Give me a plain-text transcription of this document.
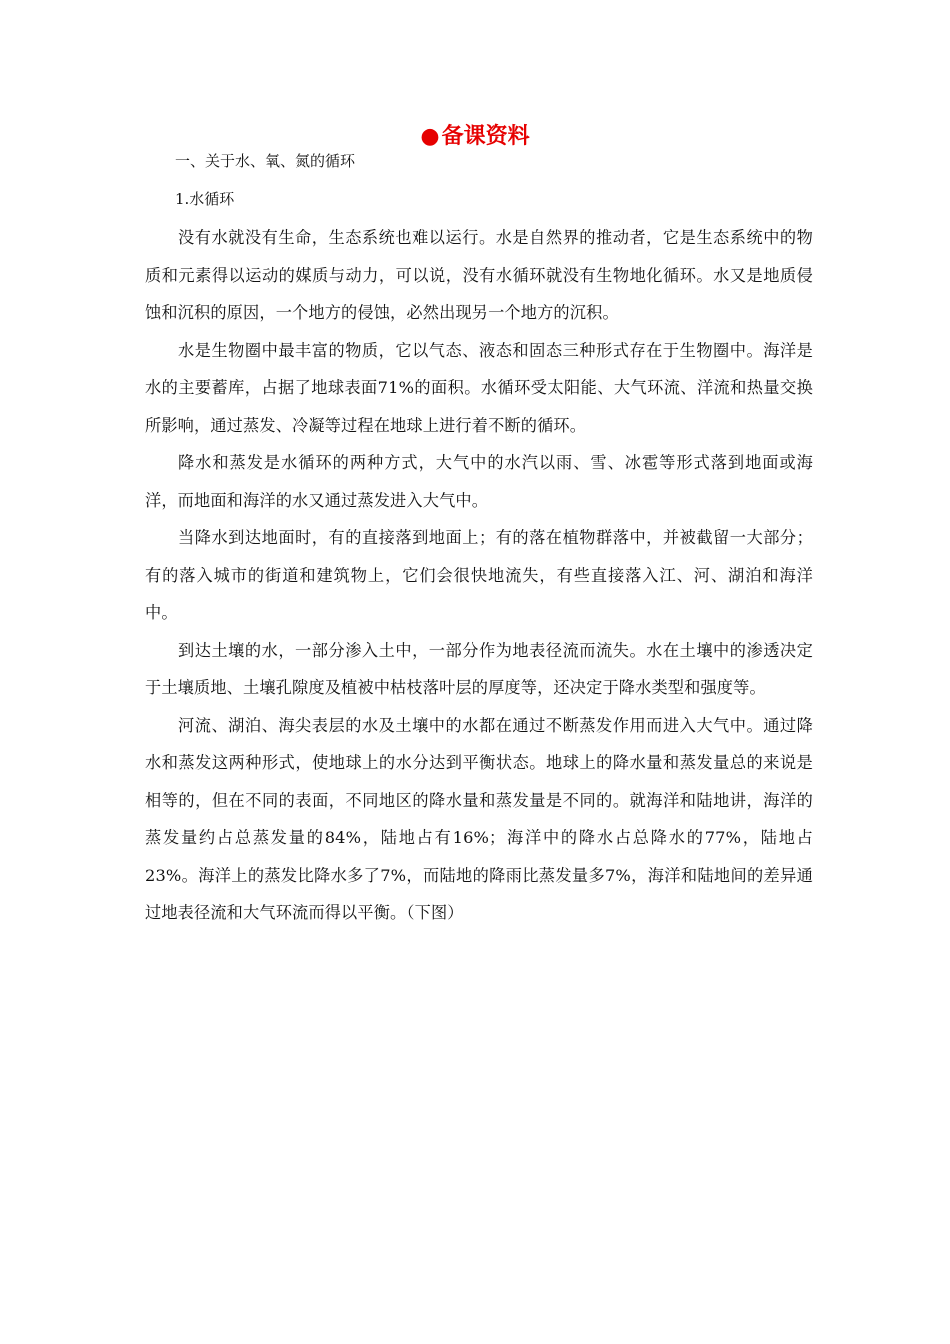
●备课资料

一、关于水、氧、氮的循环

1.水循环

没有水就没有生命，生态系统也难以运行。水是自然界的推动者，它是生态系统中的物质和元素得以运动的媒质与动力，可以说，没有水循环就没有生物地化循环。水又是地质侵蚀和沉积的原因，一个地方的侵蚀，必然出现另一个地方的沉积。

水是生物圈中最丰富的物质，它以气态、液态和固态三种形式存在于生物圈中。海洋是水的主要蓄库，占据了地球表面71%的面积。水循环受太阳能、大气环流、洋流和热量交换所影响，通过蒸发、冷凝等过程在地球上进行着不断的循环。

降水和蒸发是水循环的两种方式，大气中的水汽以雨、雪、冰雹等形式落到地面或海洋，而地面和海洋的水又通过蒸发进入大气中。

当降水到达地面时，有的直接落到地面上；有的落在植物群落中，并被截留一大部分；有的落入城市的街道和建筑物上，它们会很快地流失，有些直接落入江、河、湖泊和海洋中。

到达土壤的水，一部分渗入土中，一部分作为地表径流而流失。水在土壤中的渗透决定于土壤质地、土壤孔隙度及植被中枯枝落叶层的厚度等，还决定于降水类型和强度等。

河流、湖泊、海尖表层的水及土壤中的水都在通过不断蒸发作用而进入大气中。通过降水和蒸发这两种形式，使地球上的水分达到平衡状态。地球上的降水量和蒸发量总的来说是相等的，但在不同的表面，不同地区的降水量和蒸发量是不同的。就海洋和陆地讲，海洋的蒸发量约占总蒸发量的84%，陆地占有16%；海洋中的降水占总降水的77%，陆地占23%。海洋上的蒸发比降水多了7%，而陆地的降雨比蒸发量多7%，海洋和陆地间的差异通过地表径流和大气环流而得以平衡。（下图）
